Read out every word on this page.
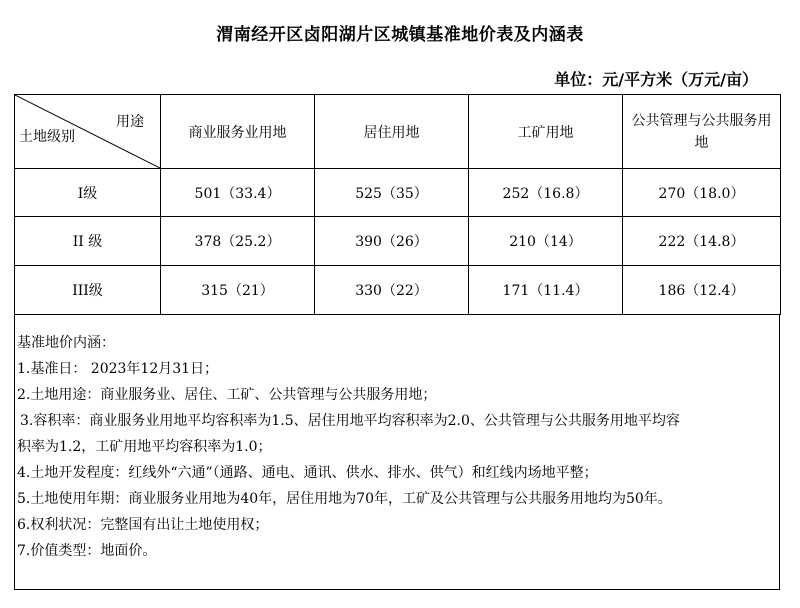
渭南经开区卤阳湖片区城镇基准地价表及内涵表
单位：元/平方米（万元/亩）
用途
土地级别	商业服务业用地	居住用地	工矿用地	公共管理与公共服务用地
I级	501（33.4）	525（35）	252（16.8）	270（18.0）
II 级	378（25.2）	390（26）	210（14）	222（14.8）
III级	315（21）	330（22）	171（11.4）	186（12.4）
基准地价内涵：
1.基准日： 2023年12月31日；
2.土地用途：商业服务业、居住、工矿、公共管理与公共服务用地；
3.容积率：商业服务业用地平均容积率为1.5、居住用地平均容积率为2.0、公共管理与公共服务用地平均容
积率为1.2，工矿用地平均容积率为1.0；
4.土地开发程度：红线外“六通”（通路、通电、通讯、供水、排水、供气）和红线内场地平整；
5.土地使用年期：商业服务业用地为40年，居住用地为70年，工矿及公共管理与公共服务用地均为50年。
6.权利状况：完整国有出让土地使用权；
7.价值类型：地面价。
